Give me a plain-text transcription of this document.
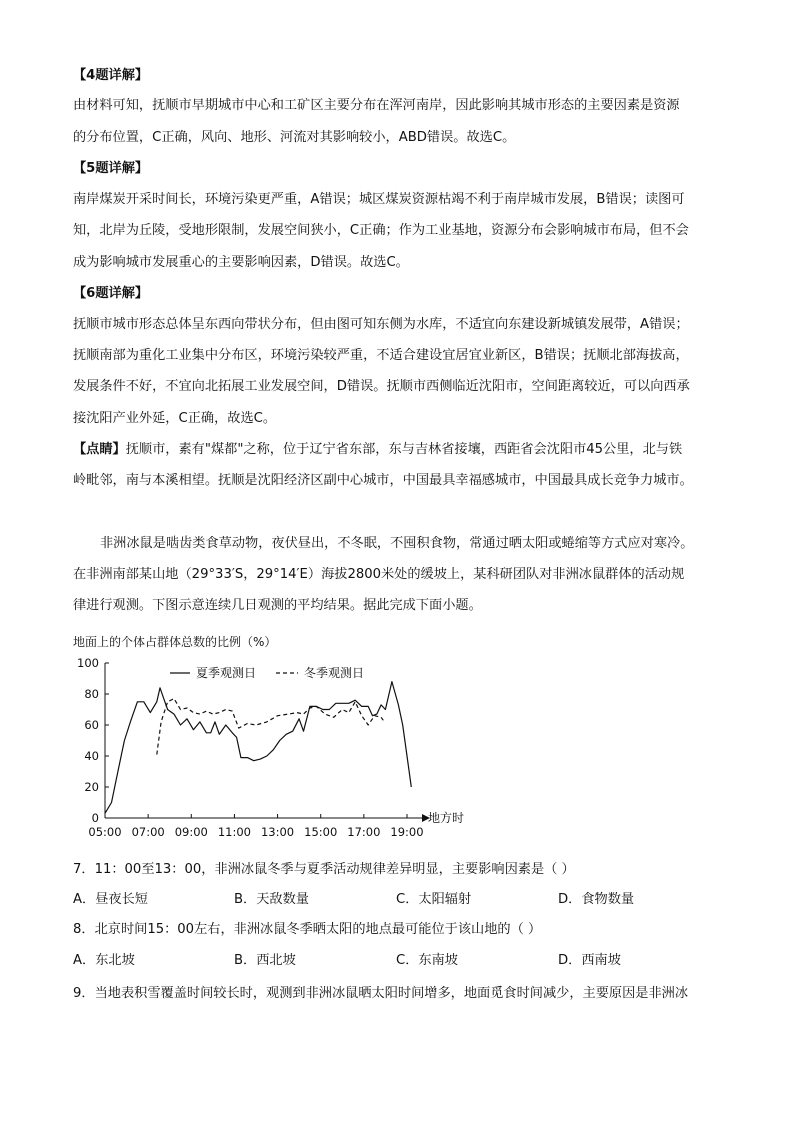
【4题详解】
由材料可知，抚顺市早期城市中心和工矿区主要分布在浑河南岸，因此影响其城市形态的主要因素是资源
的分布位置，C正确，风向、地形、河流对其影响较小，ABD错误。故选C。
【5题详解】
南岸煤炭开采时间长，环境污染更严重，A错误；城区煤炭资源枯竭不利于南岸城市发展，B错误；读图可
知，北岸为丘陵，受地形限制，发展空间狭小，C正确；作为工业基地，资源分布会影响城市布局，但不会
成为影响城市发展重心的主要影响因素，D错误。故选C。
【6题详解】
抚顺市城市形态总体呈东西向带状分布，但由图可知东侧为水库，不适宜向东建设新城镇发展带，A错误；
抚顺南部为重化工业集中分布区，环境污染较严重，不适合建设宜居宜业新区，B错误；抚顺北部海拔高，
发展条件不好，不宜向北拓展工业发展空间，D错误。抚顺市西侧临近沈阳市，空间距离较近，可以向西承
接沈阳产业外延，C正确，故选C。
【点睛】抚顺市，素有"煤都"之称，位于辽宁省东部，东与吉林省接壤，西距省会沈阳市45公里，北与铁
岭毗邻，南与本溪相望。抚顺是沈阳经济区副中心城市，中国最具幸福感城市，中国最具成长竞争力城市。
非洲冰鼠是啮齿类食草动物，夜伏昼出，不冬眠，不囤积食物，常通过晒太阳或蜷缩等方式应对寒冷。
在非洲南部某山地（29°33′S，29°14′E）海拔2800米处的缓坡上，某科研团队对非洲冰鼠群体的活动规
律进行观测。下图示意连续几日观测的平均结果。据此完成下面小题。
地面上的个体占群体总数的比例（%）
0
20
40
60
80
100
05:00 07:00 09:00 11:00 13:00 15:00 17:00 19:00
夏季观测日	冬季观测日
地方时
7．11：00至13：00，非洲冰鼠冬季与夏季活动规律差异明显，主要影响因素是（ ）
A．昼夜长短	B．天敌数量	C．太阳辐射	D．食物数量
8．北京时间15：00左右，非洲冰鼠冬季晒太阳的地点最可能位于该山地的（ ）
A．东北坡	B．西北坡	C．东南坡	D．西南坡
9．当地表积雪覆盖时间较长时，观测到非洲冰鼠晒太阳时间增多，地面觅食时间减少，主要原因是非洲冰
